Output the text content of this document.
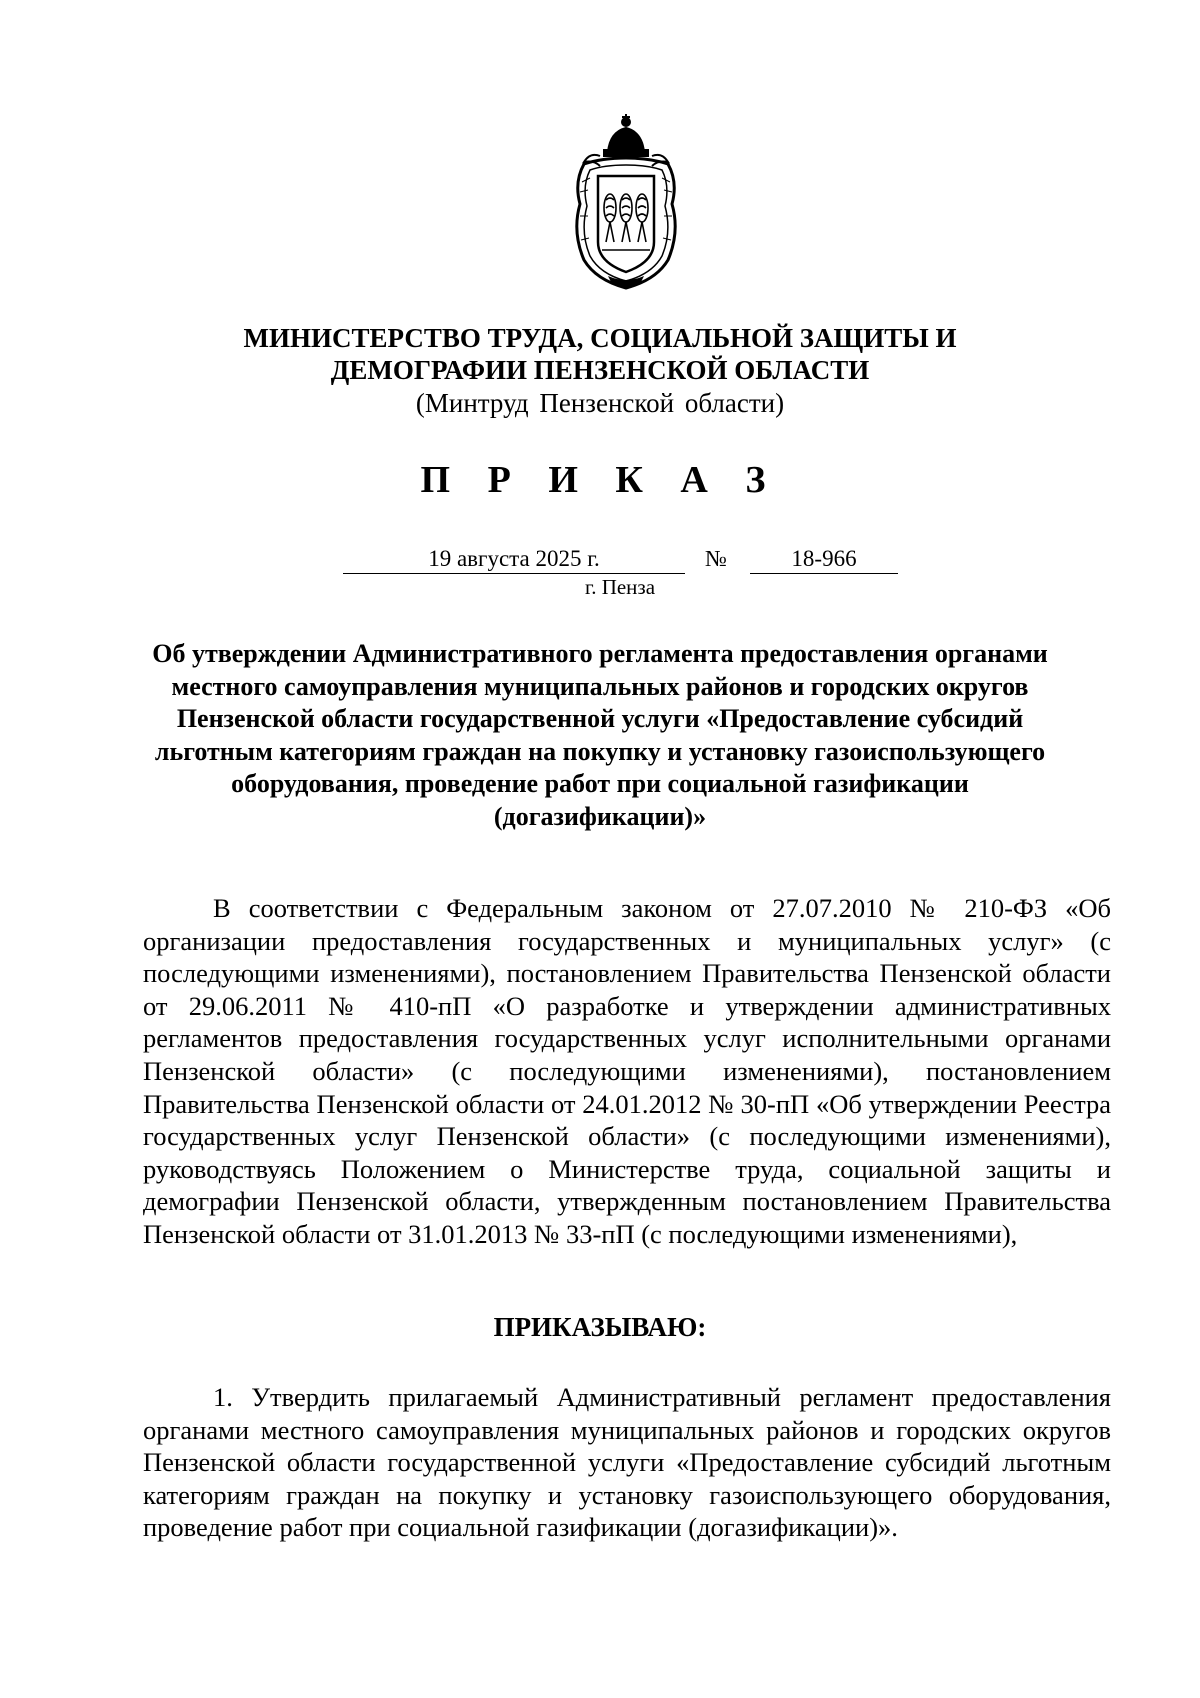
МИНИСТЕРСТВО ТРУДА, СОЦИАЛЬНОЙ ЗАЩИТЫ И
ДЕМОГРАФИИ ПЕНЗЕНСКОЙ ОБЛАСТИ
(Минтруд Пензенской области)
П Р И К А З
19 августа 2025 г.	№	18-966
г. Пенза
Об утверждении Административного регламента предоставления органами местного самоуправления муниципальных районов и городских округов Пензенской области государственной услуги «Предоставление субсидий льготным категориям граждан на покупку и установку газоиспользующего оборудования, проведение работ при социальной газификации (догазификации)»

В соответствии с Федеральным законом от 27.07.2010 № 210-ФЗ «Об организации предоставления государственных и муниципальных услуг» (с последующими изменениями), постановлением Правительства Пензенской области от 29.06.2011 № 410-пП «О разработке и утверждении административных регламентов предоставления государственных услуг исполнительными органами Пензенской области» (с последующими изменениями), постановлением Правительства Пензенской области от 24.01.2012 № 30-пП «Об утверждении Реестра государственных услуг Пензенской области» (с последующими изменениями), руководствуясь Положением о Министерстве труда, социальной защиты и демографии Пензенской области, утвержденным постановлением Правительства Пензенской области от 31.01.2013 № 33-пП (с последующими изменениями),

ПРИКАЗЫВАЮ:

1. Утвердить прилагаемый Административный регламент предоставления органами местного самоуправления муниципальных районов и городских округов Пензенской области государственной услуги «Предоставление субсидий льготным категориям граждан на покупку и установку газоиспользующего оборудования, проведение работ при социальной газификации (догазификации)».
